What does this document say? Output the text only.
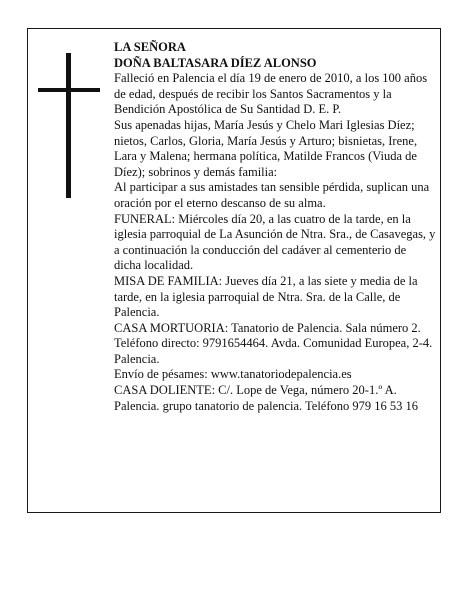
LA SEÑORA

DOÑA BALTASARA DÍEZ ALONSO

Falleció en Palencia el día 19 de enero de 2010, a los 100 años de edad, después de recibir los Santos Sacramentos y la Bendición Apostólica de Su Santidad D. E. P.

Sus apenadas hijas, María Jesús y Chelo Mari Iglesias Díez; nietos, Carlos, Gloria, María Jesús y Arturo; bisnietas, Irene, Lara y Malena; hermana política, Matilde Francos (Viuda de Díez); sobrinos y demás familia:

Al participar a sus amistades tan sensible pérdida, suplican una oración por el eterno descanso de su alma.

FUNERAL: Miércoles día 20, a las cuatro de la tarde, en la iglesia parroquial de La Asunción de Ntra. Sra., de Casavegas, y a continuación la conducción del cadáver al cementerio de dicha localidad.

MISA DE FAMILIA: Jueves día 21, a las siete y media de la tarde, en la iglesia parroquial de Ntra. Sra. de la Calle, de Palencia.

CASA MORTUORIA: Tanatorio de Palencia. Sala número 2. Teléfono directo: 9791654464. Avda. Comunidad Europea, 2-4. Palencia.

Envío de pésames: www.tanatoriodepalencia.es

CASA DOLIENTE: C/. Lope de Vega, número 20-1.º A. Palencia. grupo tanatorio de palencia. Teléfono 979 16 53 16
